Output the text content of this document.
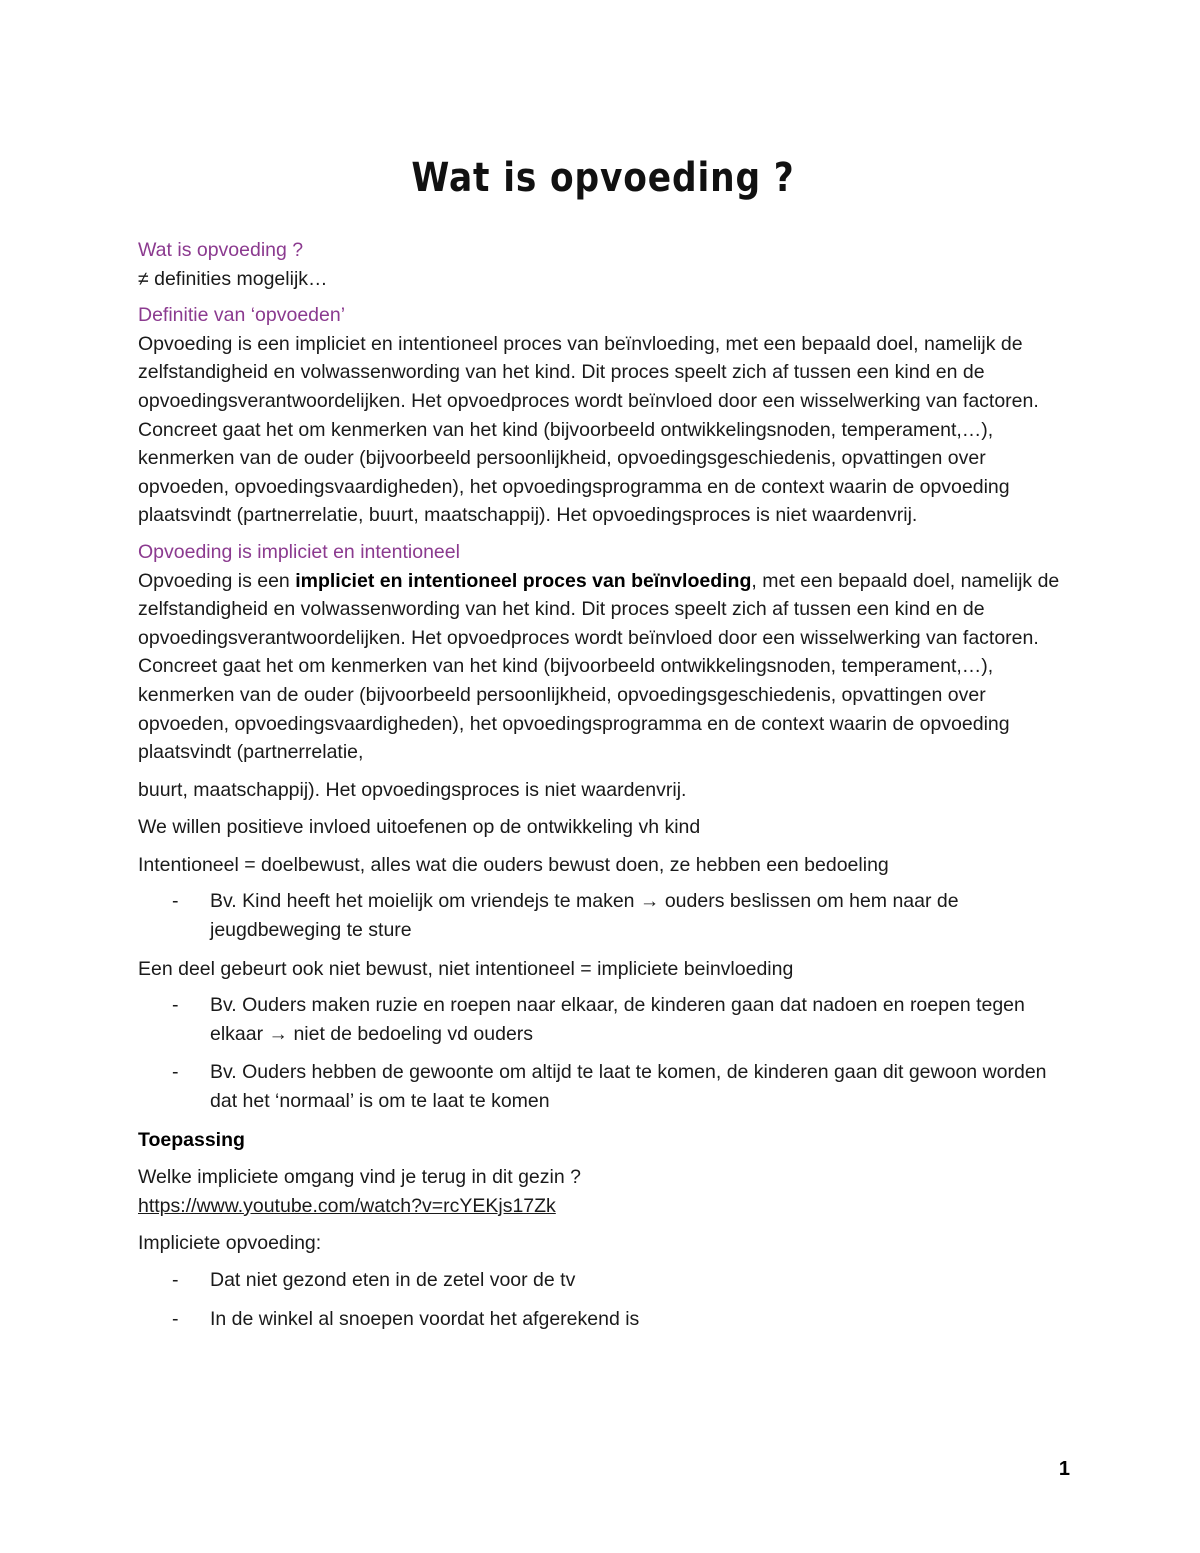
Wat is opvoeding ?
Wat is opvoeding ?

≠ definities mogelijk…

Definitie van ‘opvoeden’

Opvoeding is een impliciet en intentioneel proces van beïnvloeding, met een bepaald doel, namelijk de zelfstandigheid en volwassenwording van het kind. Dit proces speelt zich af tussen een kind en de opvoedingsverantwoordelijken. Het opvoedproces wordt beïnvloed door een wisselwerking van factoren. Concreet gaat het om kenmerken van het kind (bijvoorbeeld ontwikkelingsnoden, temperament,…), kenmerken van de ouder (bijvoorbeeld persoonlijkheid, opvoedingsgeschiedenis, opvattingen over opvoeden, opvoedingsvaardigheden), het opvoedingsprogramma en de context waarin de opvoeding plaatsvindt (partnerrelatie, buurt, maatschappij). Het opvoedingsproces is niet waardenvrij.

Opvoeding is impliciet en intentioneel

Opvoeding is een impliciet en intentioneel proces van beïnvloeding, met een bepaald doel, namelijk de zelfstandigheid en volwassenwording van het kind. Dit proces speelt zich af tussen een kind en de opvoedingsverantwoordelijken. Het opvoedproces wordt beïnvloed door een wisselwerking van factoren. Concreet gaat het om kenmerken van het kind (bijvoorbeeld ontwikkelingsnoden, temperament,…), kenmerken van de ouder (bijvoorbeeld persoonlijkheid, opvoedingsgeschiedenis, opvattingen over opvoeden, opvoedingsvaardigheden), het opvoedingsprogramma en de context waarin de opvoeding plaatsvindt (partnerrelatie,

buurt, maatschappij). Het opvoedingsproces is niet waardenvrij.

We willen positieve invloed uitoefenen op de ontwikkeling vh kind

Intentioneel = doelbewust, alles wat die ouders bewust doen, ze hebben een bedoeling

- Bv. Kind heeft het moielijk om vriendejs te maken → ouders beslissen om hem naar de jeugdbeweging te sture

Een deel gebeurt ook niet bewust, niet intentioneel = impliciete beinvloeding

- Bv. Ouders maken ruzie en roepen naar elkaar, de kinderen gaan dat nadoen en roepen tegen elkaar → niet de bedoeling vd ouders
- Bv. Ouders hebben de gewoonte om altijd te laat te komen, de kinderen gaan dit gewoon worden dat het ‘normaal’ is om te laat te komen

Toepassing

Welke impliciete omgang vind je terug in dit gezin ?

https://www.youtube.com/watch?v=rcYEKjs17Zk

Impliciete opvoeding:

- Dat niet gezond eten in de zetel voor de tv
- In de winkel al snoepen voordat het afgerekend is
1
